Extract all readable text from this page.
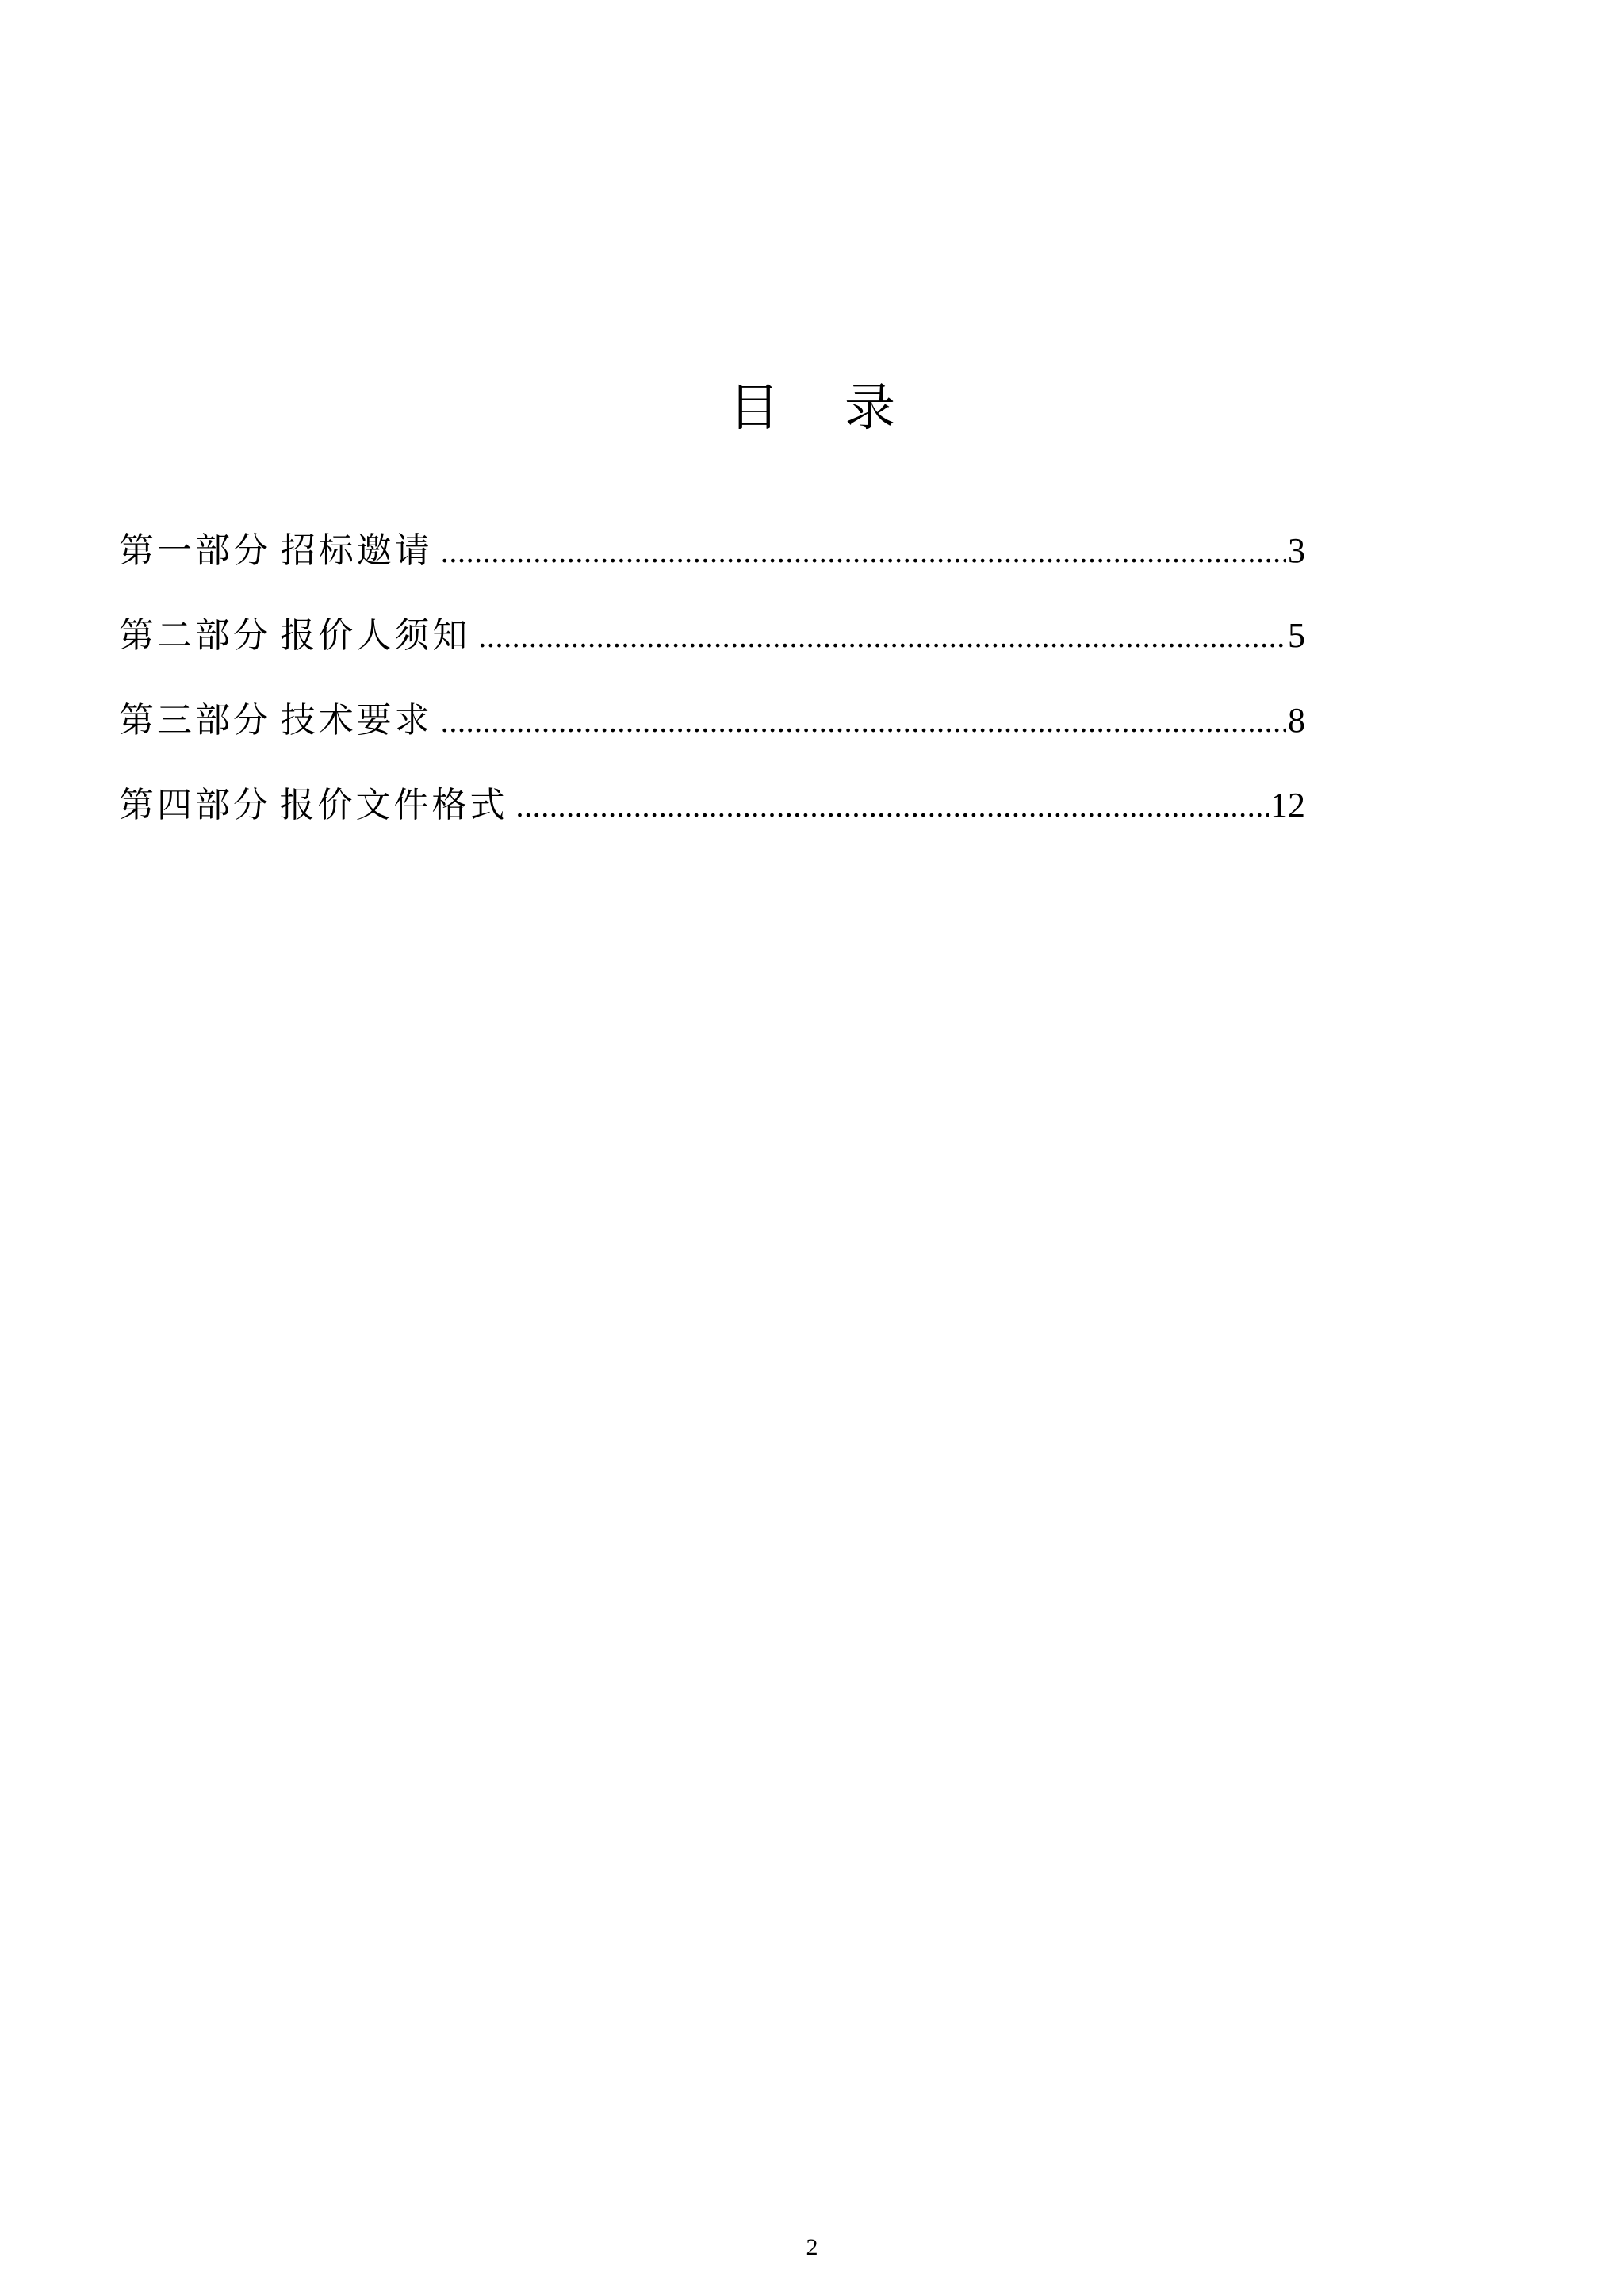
目 录
第一部分 招标邀请 .....	3
第二部分 报价人须知 .....	5
第三部分 技术要求 .....	8
第四部分 报价文件格式 .....	12
2
